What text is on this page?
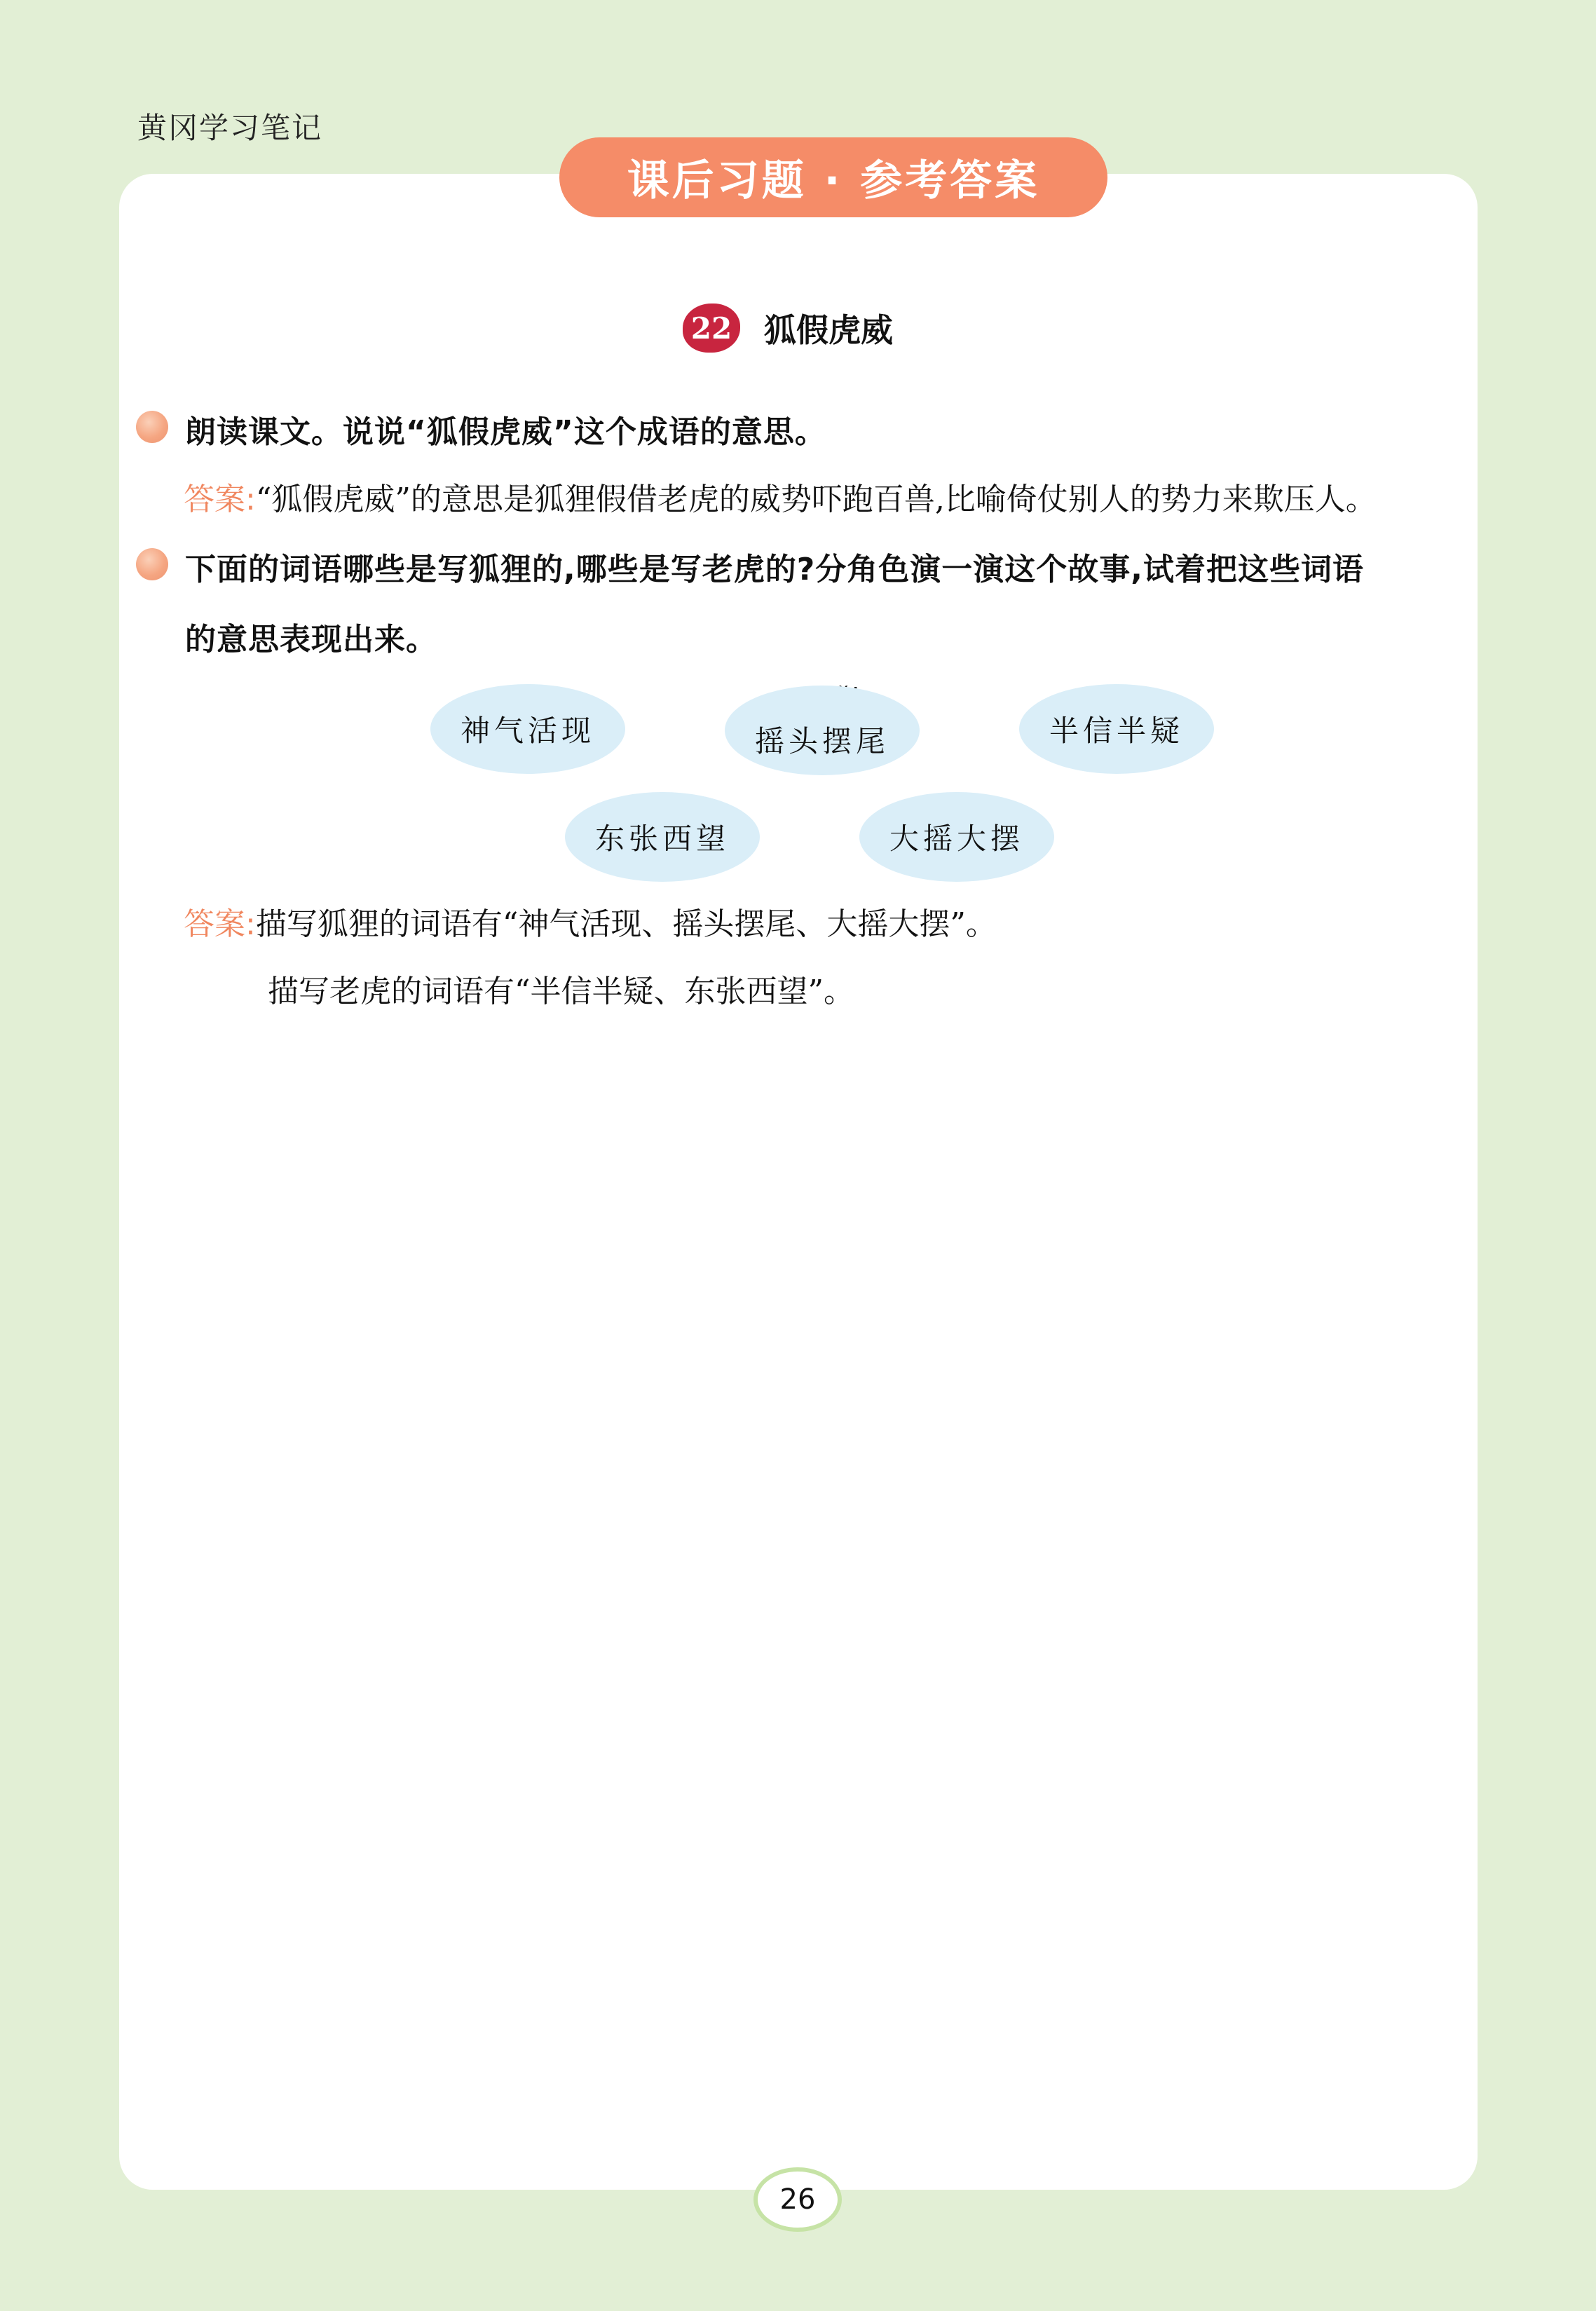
黄冈学习笔记
课后习题 · 参考答案
22 狐假虎威
朗读课文。说说“狐假虎威”这个成语的意思。
答案:“狐假虎威”的意思是狐狸假借老虎的威势吓跑百兽,比喻倚仗别人的势力来欺压人。
下面的词语哪些是写狐狸的,哪些是写老虎的?分角色演一演这个故事,试着把这些词语
的意思表现出来。
神气活现	摇头摆尾	半信半疑
东张西望	大摇大摆
答案:描写狐狸的词语有“神气活现、摇头摆尾、大摇大摆”。
描写老虎的词语有“半信半疑、东张西望”。
26
